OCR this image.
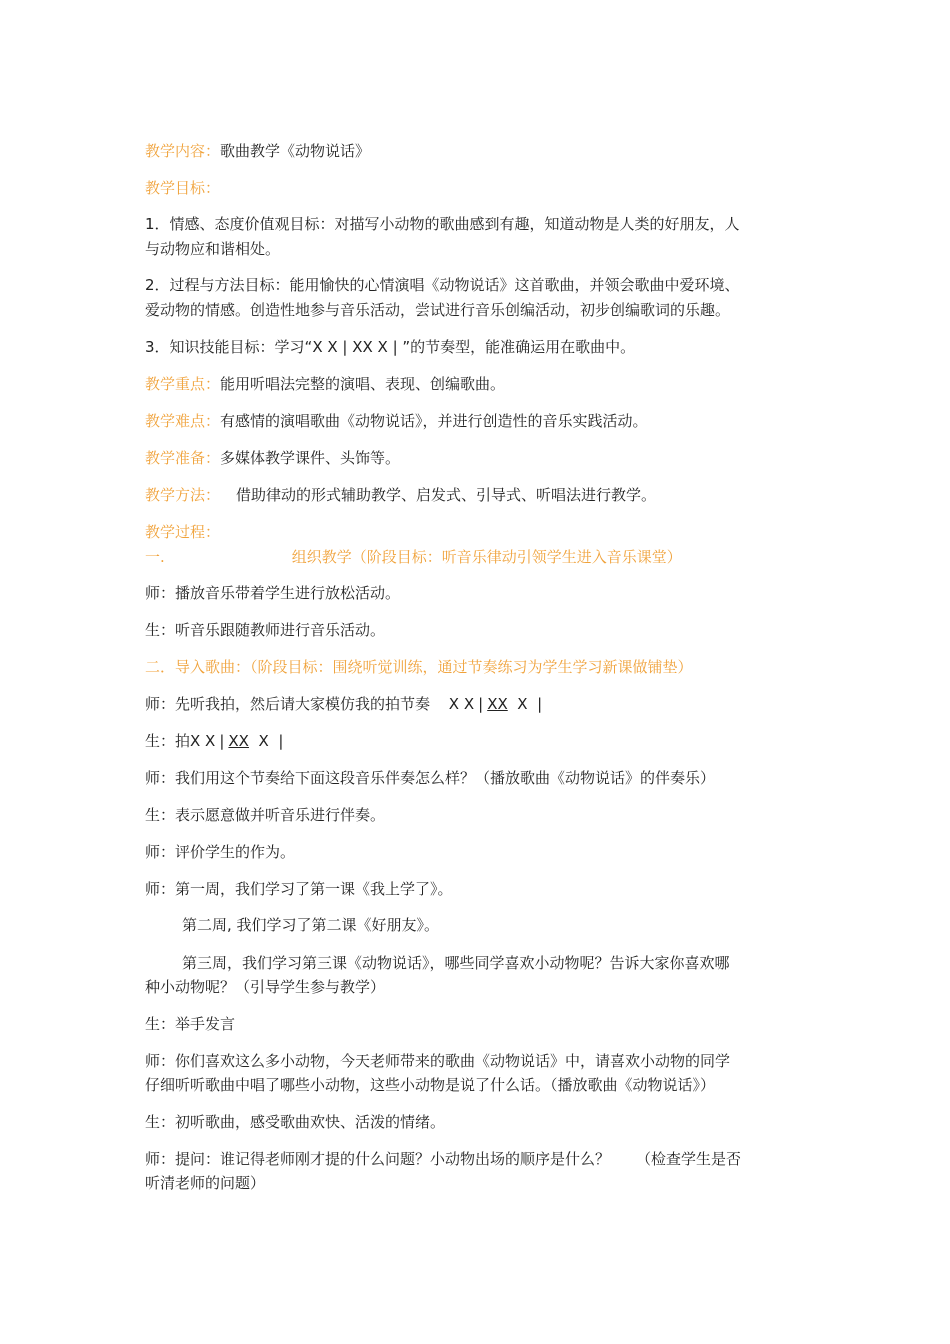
教学内容：歌曲教学《动物说话》
教学目标：
1．情感、态度价值观目标：对描写小动物的歌曲感到有趣，知道动物是人类的好朋友，人
与动物应和谐相处。
2．过程与方法目标：能用愉快的心情演唱《动物说话》这首歌曲，并领会歌曲中爱环境、
爱动物的情感。创造性地参与音乐活动，尝试进行音乐创编活动，初步创编歌词的乐趣。
3．知识技能目标：学习“X X | XX X | ”的节奏型，能准确运用在歌曲中。
教学重点：能用听唱法完整的演唱、表现、创编歌曲。
教学难点：有感情的演唱歌曲《动物说话》，并进行创造性的音乐实践活动。
教学准备：多媒体教学课件、头饰等。
教学方法： 借助律动的形式辅助教学、启发式、引导式、听唱法进行教学。
教学过程：
一.	组织教学（阶段目标：听音乐律动引领学生进入音乐课堂）
师：播放音乐带着学生进行放松活动。
生：听音乐跟随教师进行音乐活动。
二．导入歌曲：（阶段目标：围绕听觉训练，通过节奏练习为学生学习新课做铺垫）
师：先听我拍，然后请大家模仿我的拍节奏 X X | XX X  |
生：拍X X | XX X  |
师：我们用这个节奏给下面这段音乐伴奏怎么样？（播放歌曲《动物说话》的伴奏乐）
生：表示愿意做并听音乐进行伴奏。
师：评价学生的作为。
师：第一周，我们学习了第一课《我上学了》。
第二周, 我们学习了第二课《好朋友》。
第三周，我们学习第三课《动物说话》，哪些同学喜欢小动物呢？告诉大家你喜欢哪
种小动物呢？（引导学生参与教学）
生：举手发言
师：你们喜欢这么多小动物，今天老师带来的歌曲《动物说话》中，请喜欢小动物的同学
仔细听听歌曲中唱了哪些小动物，这些小动物是说了什么话。（播放歌曲《动物说话》）
生：初听歌曲，感受歌曲欢快、活泼的情绪。
师：提问：谁记得老师刚才提的什么问题？小动物出场的顺序是什么？ （检查学生是否
听清老师的问题）
